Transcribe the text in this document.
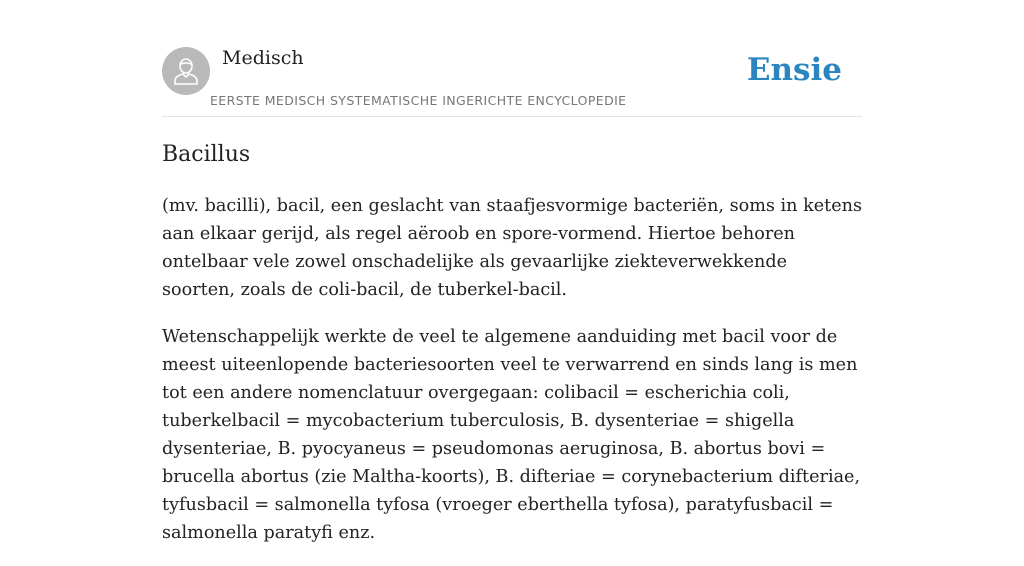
Medisch
EERSTE MEDISCH SYSTEMATISCHE INGERICHTE ENCYCLOPEDIE
Ensie
Bacillus

(mv. bacilli), bacil, een geslacht van staafjesvormige bacteriën, soms in ketens aan elkaar gerijd, als regel aëroob en spore-vormend. Hiertoe behoren ontelbaar vele zowel onschadelijke als gevaarlijke ziekteverwekkende soorten, zoals de coli-bacil, de tuberkel-bacil.

Wetenschappelijk werkte de veel te algemene aanduiding met bacil voor de meest uiteenlopende bacteriesoorten veel te verwarrend en sinds lang is men tot een andere nomenclatuur overgegaan: colibacil = escherichia coli, tuberkelbacil = mycobacterium tuberculosis, B. dysenteriae = shigella dysenteriae, B. pyocyaneus = pseudomonas aeruginosa, B. abortus bovi = brucella abortus (zie Maltha-koorts), B. difteriae = corynebacterium difteriae, tyfusbacil = salmonella tyfosa (vroeger eberthella tyfosa), paratyfusbacil = salmonella paratyfi enz.
